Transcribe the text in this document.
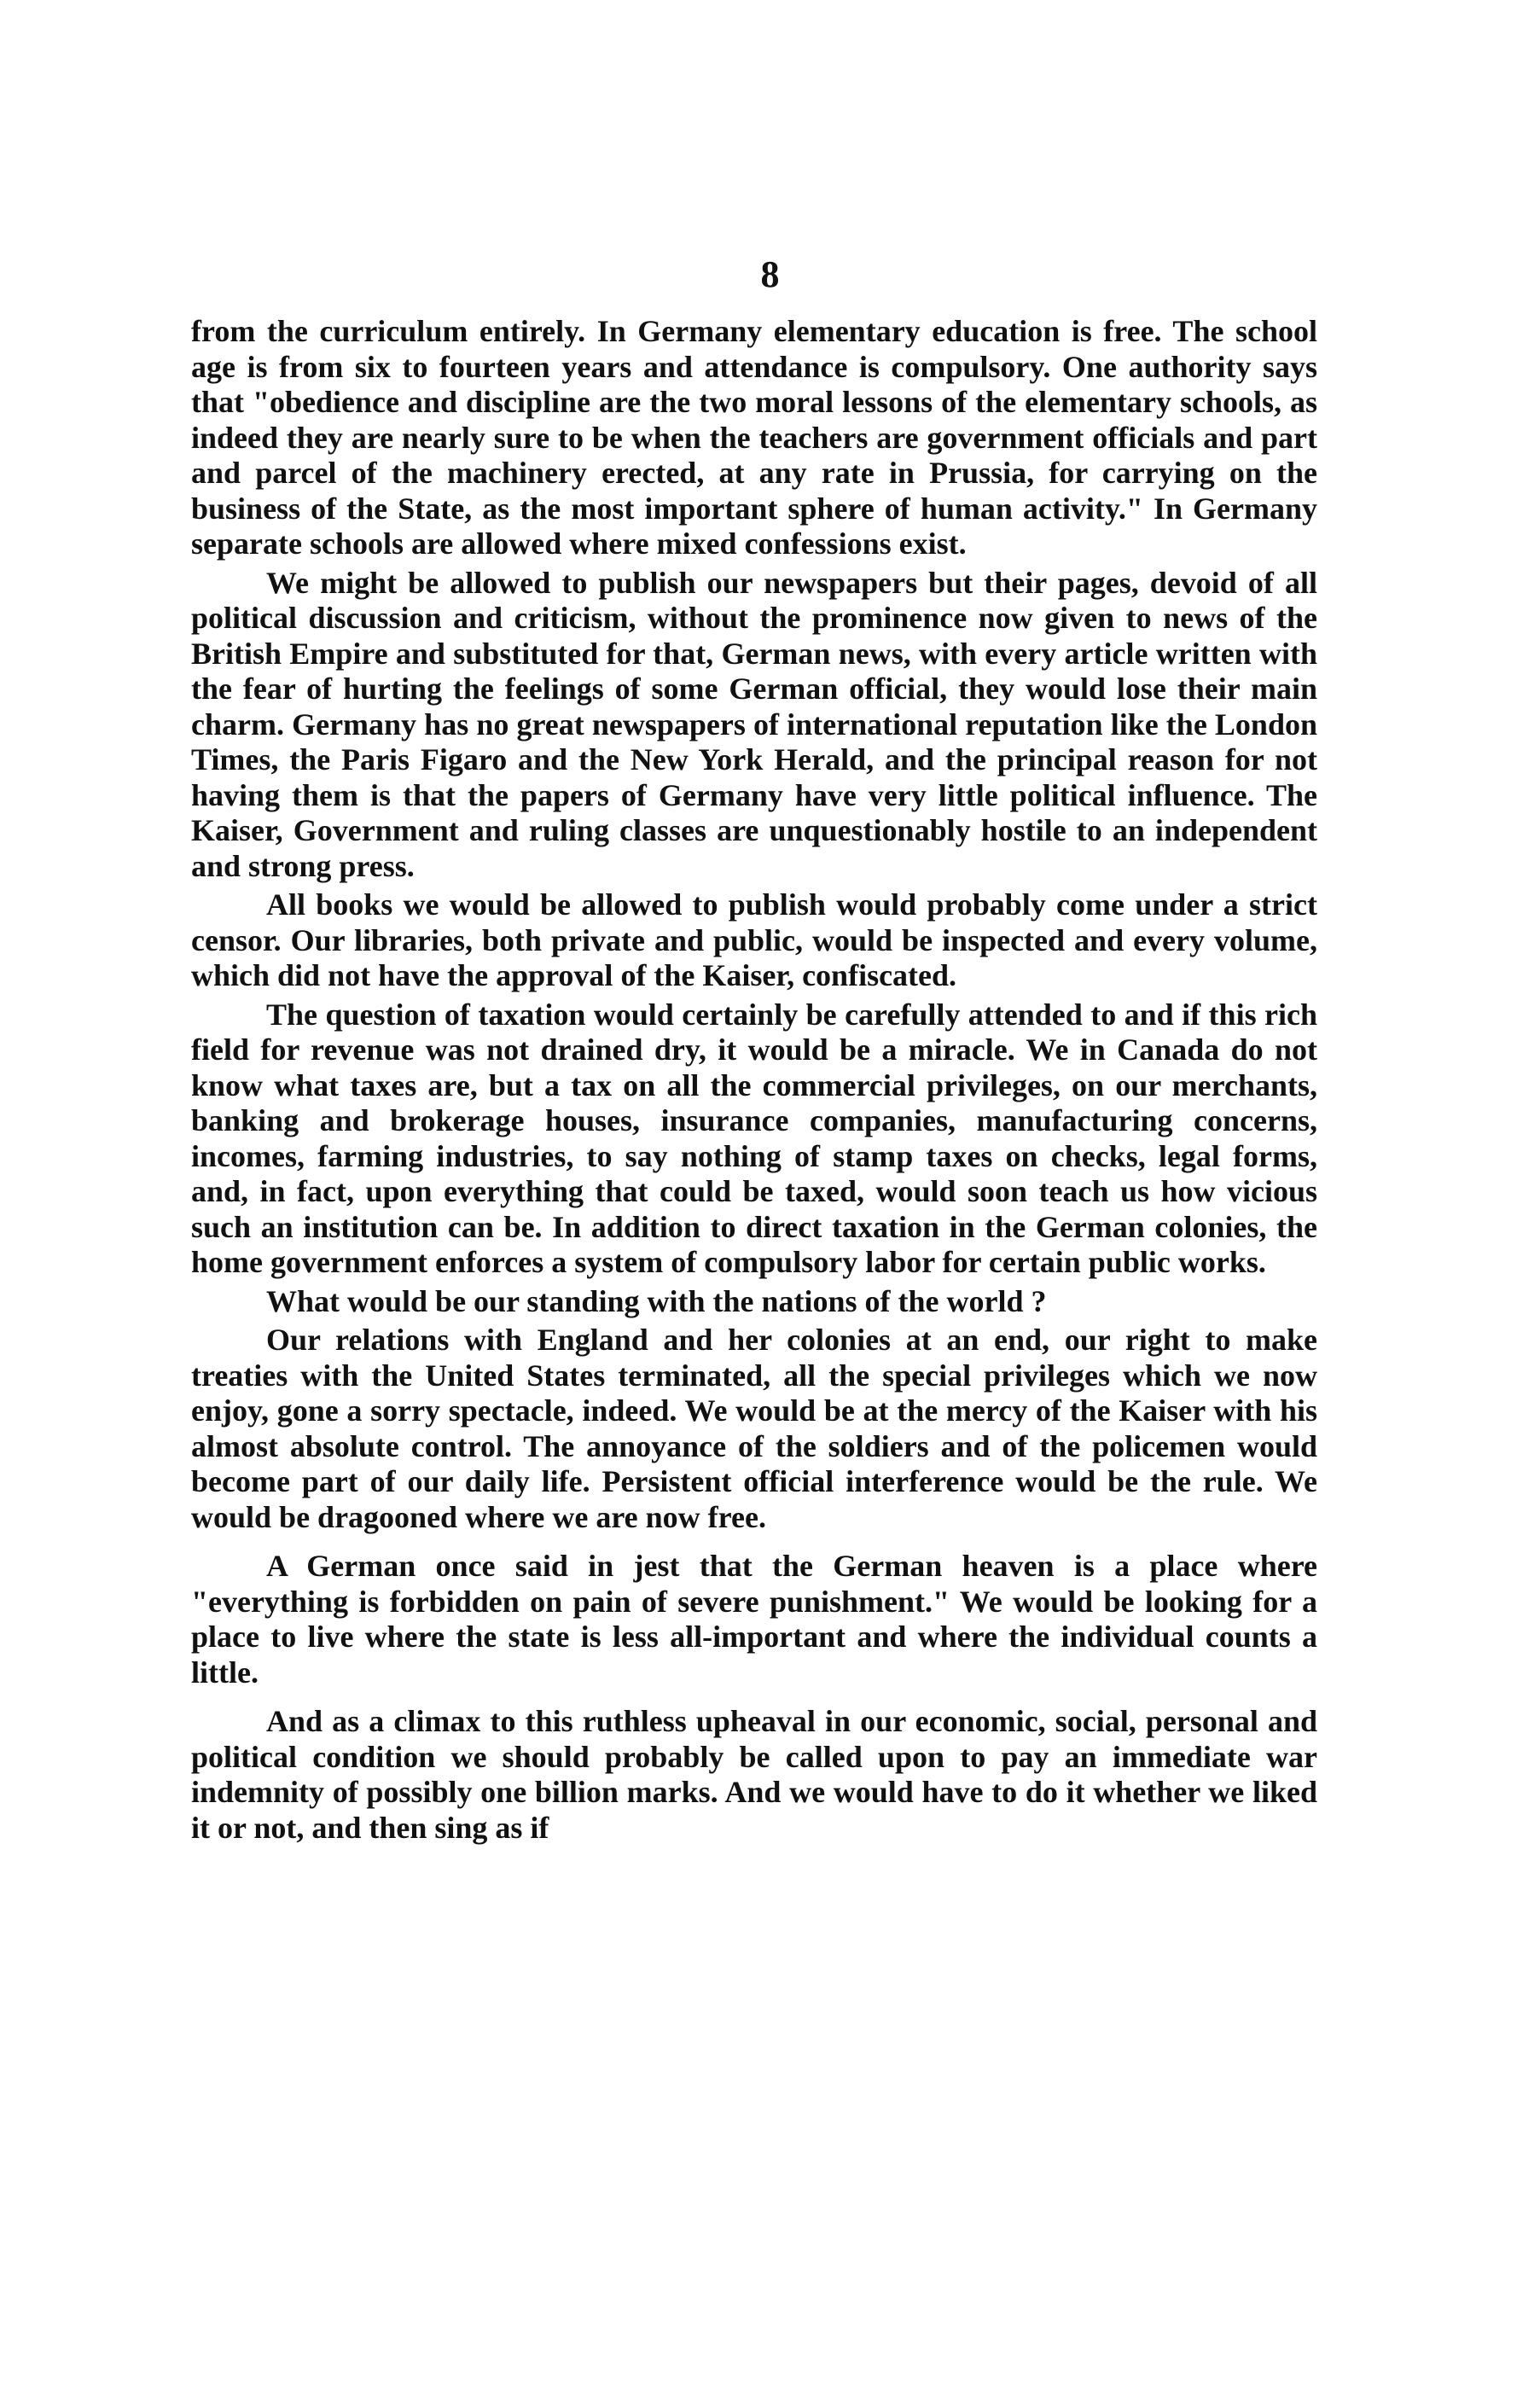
8

from the curriculum entirely. In Germany elementary education is free. The school age is from six to fourteen years and attendance is compulsory. One authority says that "obedience and discipline are the two moral lessons of the elementary schools, as indeed they are nearly sure to be when the teachers are government officials and part and parcel of the machinery erected, at any rate in Prussia, for carrying on the business of the State, as the most important sphere of human activity." In Germany separate schools are allowed where mixed confessions exist.

We might be allowed to publish our newspapers but their pages, devoid of all political discussion and criticism, without the prominence now given to news of the British Empire and substituted for that, German news, with every article written with the fear of hurting the feelings of some German official, they would lose their main charm. Germany has no great newspapers of international reputation like the London Times, the Paris Figaro and the New York Herald, and the principal reason for not having them is that the papers of Germany have very little political influence. The Kaiser, Government and ruling classes are unquestionably hostile to an independent and strong press.

All books we would be allowed to publish would probably come under a strict censor. Our libraries, both private and public, would be inspected and every volume, which did not have the approval of the Kaiser, confiscated.

The question of taxation would certainly be carefully attended to and if this rich field for revenue was not drained dry, it would be a miracle. We in Canada do not know what taxes are, but a tax on all the commercial privileges, on our merchants, banking and brokerage houses, insurance companies, manufacturing concerns, incomes, farming industries, to say nothing of stamp taxes on checks, legal forms, and, in fact, upon everything that could be taxed, would soon teach us how vicious such an institution can be. In addition to direct taxation in the German colonies, the home government enforces a system of compulsory labor for certain public works.

What would be our standing with the nations of the world ?

Our relations with England and her colonies at an end, our right to make treaties with the United States terminated, all the special privileges which we now enjoy, gone a sorry spectacle, indeed. We would be at the mercy of the Kaiser with his almost absolute control. The annoyance of the soldiers and of the policemen would become part of our daily life. Persistent official interference would be the rule. We would be dragooned where we are now free.

A German once said in jest that the German heaven is a place where "everything is forbidden on pain of severe punishment." We would be looking for a place to live where the state is less all-important and where the individual counts a little.

And as a climax to this ruthless upheaval in our economic, social, personal and political condition we should probably be called upon to pay an immediate war indemnity of possibly one billion marks. And we would have to do it whether we liked it or not, and then sing as if
